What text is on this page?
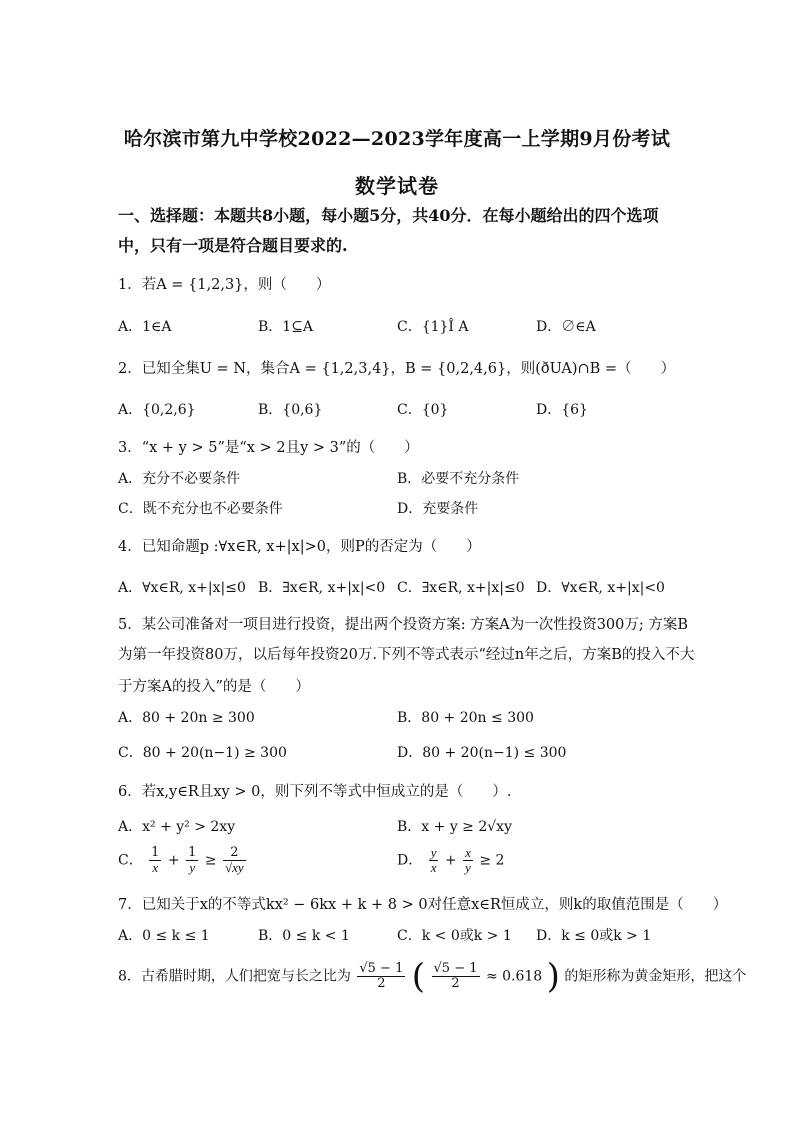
哈尔滨市第九中学校2022—2023学年度高一上学期9月份考试
数学试卷
一、选择题：本题共8小题，每小题5分，共40分．在每小题给出的四个选项
中，只有一项是符合题目要求的.
1．若A = {1,2,3}，则（　　）
A．1∈A	B．1⊆A	C．{1}Î A	D．∅∈A
2．已知全集U = N，集合A = {1,2,3,4}，B = {0,2,4,6}，则(ðUA)∩B =（　　）
A．{0,2,6}	B．{0,6}	C．{0}	D．{6}
3．“x + y > 5”是“x > 2且y > 3”的（　　）
A．充分不必要条件	B．必要不充分条件
C．既不充分也不必要条件	D．充要条件
4．已知命题p :∀x∈R, x+|x|>0，则P的否定为（　　）
A．∀x∈R, x+|x|≤0 B．∃x∈R, x+|x|<0 C．∃x∈R, x+|x|≤0 D．∀x∈R, x+|x|<0
5．某公司准备对一项目进行投资，提出两个投资方案: 方案A为一次性投资300万; 方案B
为第一年投资80万，以后每年投资20万.下列不等式表示“经过n年之后，方案B的投入不大
于方案A的投入”的是（　　）
A．80 + 20n ≥ 300	B．80 + 20n ≤ 300
C．80 + 20(n−1) ≥ 300	D．80 + 20(n−1) ≤ 300
6．若x,y∈R且xy > 0，则下列不等式中恒成立的是（　　）.
A．x² + y² > 2xy	B．x + y ≥ 2√xy
C． $\frac{1}{x} + \frac{1}{y} \ge \frac{2}{√xy}$	D． $\frac{y}{x} + \frac{x}{y} \ge 2$
7．已知关于x的不等式kx² − 6kx + k + 8 > 0对任意x∈R恒成立，则k的取值范围是（　　）
A．0 ≤ k ≤ 1	B．0 ≤ k < 1	C．k < 0或k > 1 D．k ≤ 0或k > 1
8．古希腊时期，人们把宽与长之比为 $\frac{√5 - 1}{2}$ ( $\frac{√5 - 1}{2} \approx 0.618$ ) 的矩形称为黄金矩形，把这个
